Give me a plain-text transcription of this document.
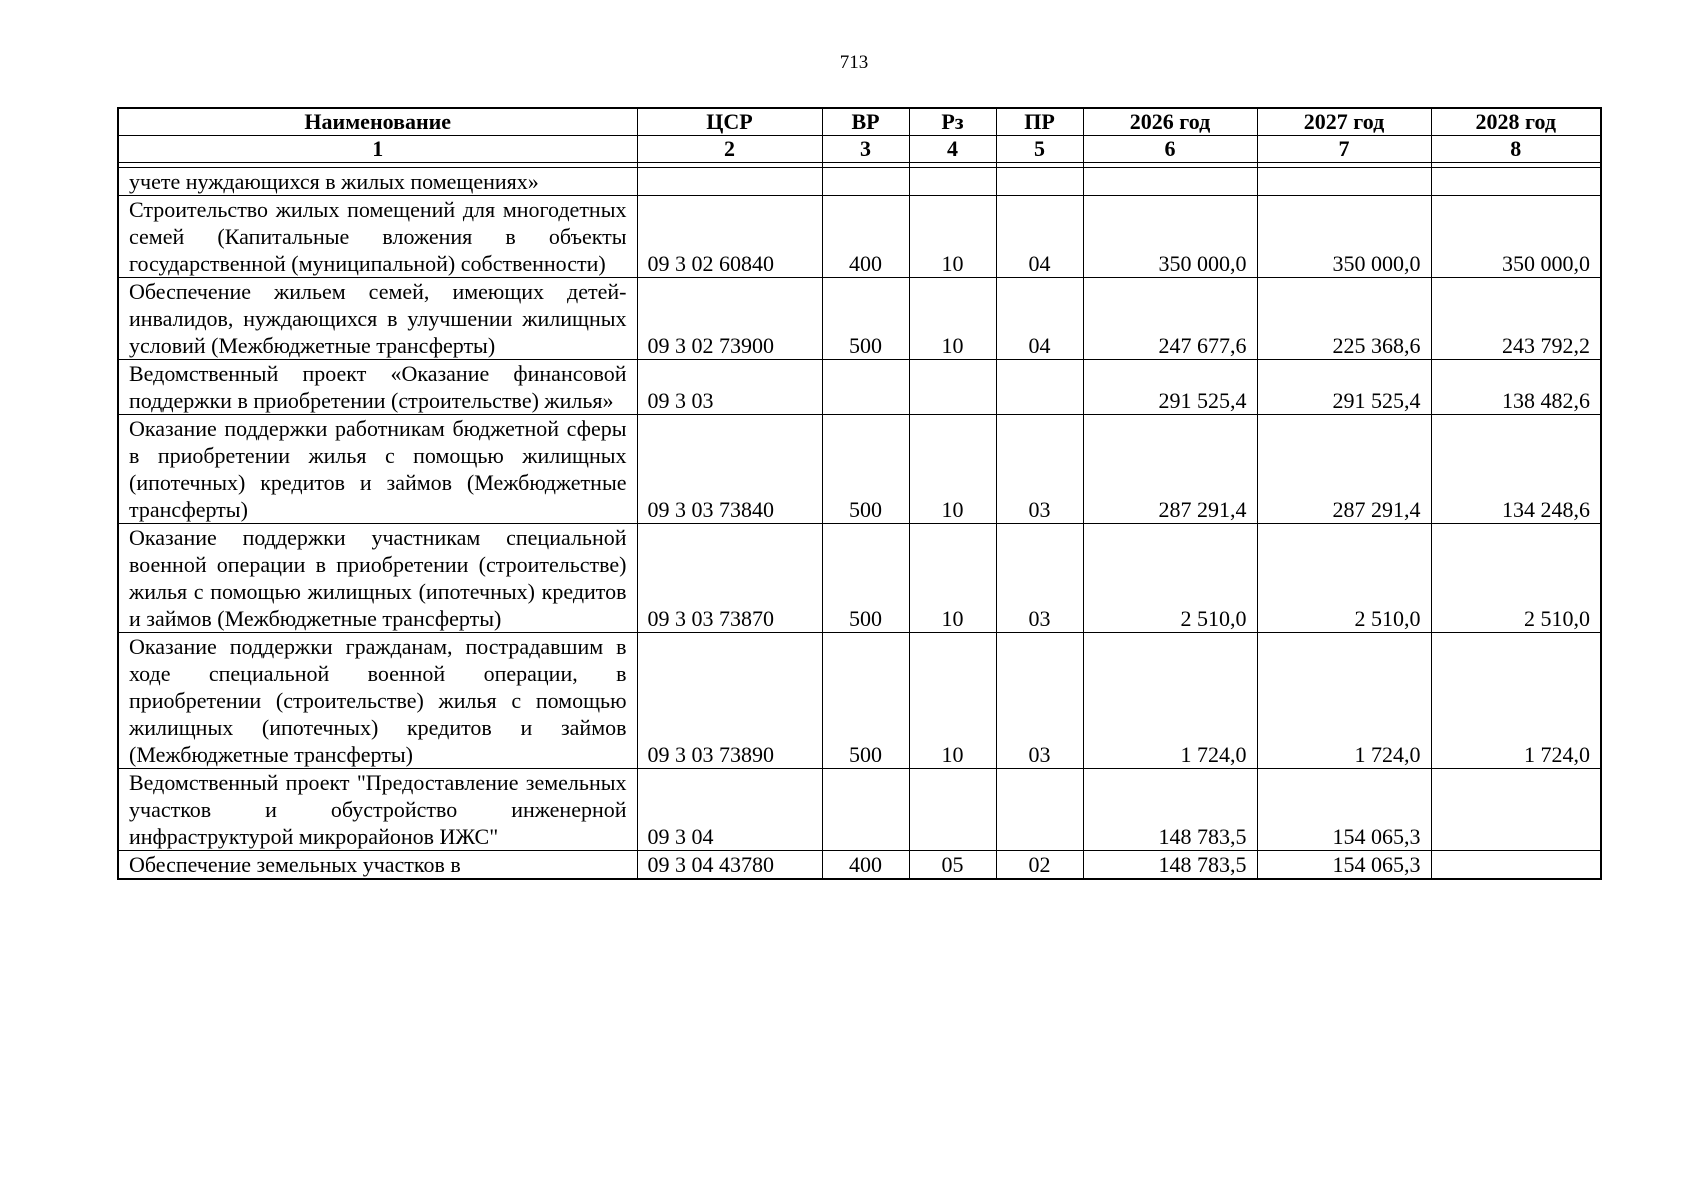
713
Наименование	ЦСР	ВР	Рз	ПР	2026 год	2027 год	2028 год
1	2	3	4	5	6	7	8

учете нуждающихся в жилых помещениях»							
Строительство жилых помещений для многодетных семей (Капитальные вложения в объекты государственной (муниципальной) собственности)	09 3 02 60840	400	10	04	350 000,0	350 000,0	350 000,0
Обеспечение жильем семей, имеющих детей-инвалидов, нуждающихся в улучшении жилищных условий (Межбюджетные трансферты)	09 3 02 73900	500	10	04	247 677,6	225 368,6	243 792,2
Ведомственный проект «Оказание финансовой поддержки в приобретении (строительстве) жилья»	09 3 03				291 525,4	291 525,4	138 482,6
Оказание поддержки работникам бюджетной сферы в приобретении жилья с помощью жилищных (ипотечных) кредитов и займов (Межбюджетные трансферты)	09 3 03 73840	500	10	03	287 291,4	287 291,4	134 248,6
Оказание поддержки участникам специальной военной операции в приобретении (строительстве) жилья с помощью жилищных (ипотечных) кредитов и займов (Межбюджетные трансферты)	09 3 03 73870	500	10	03	2 510,0	2 510,0	2 510,0
Оказание поддержки гражданам, пострадавшим в ходе специальной военной операции, в приобретении (строительстве) жилья с помощью жилищных (ипотечных) кредитов и займов (Межбюджетные трансферты)	09 3 03 73890	500	10	03	1 724,0	1 724,0	1 724,0
Ведомственный проект "Предоставление земельных участков и обустройство инженерной инфраструктурой микрорайонов ИЖС"	09 3 04				148 783,5	154 065,3	
Обеспечение земельных участков в	09 3 04 43780	400	05	02	148 783,5	154 065,3	
